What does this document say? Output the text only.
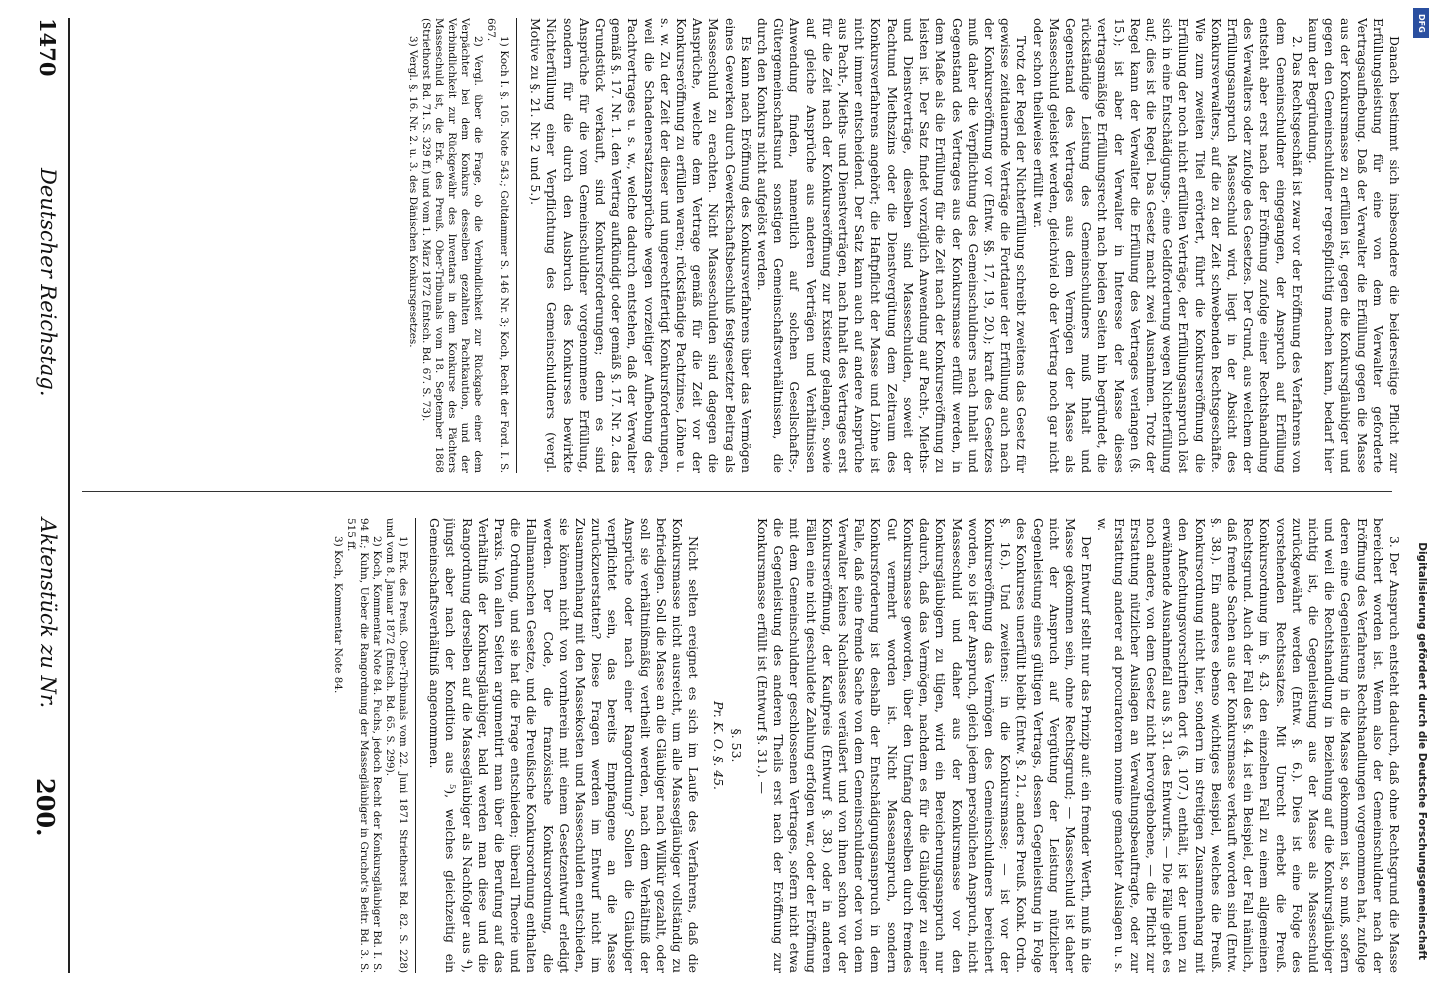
Danach bestimmt sich insbesondere die beiderseitige Pflicht zur Erfüllungsleistung für eine von dem Verwalter geforderte Vertragsaufhebung. Daß der Verwalter die Erfüllung gegen die Masse aus der Konkursmasse zu erfüllen ist, gegen die Konkursgläubiger und gegen den Gemeinschuldner regreßpflichtig machen kann, bedarf hier kaum der Begründung.

2. Das Rechtsgeschäft ist zwar vor der Eröffnung des Verfahrens von dem Gemeinschuldner eingegangen, der Anspruch auf Erfüllung entsteht aber erst nach der Eröffnung zufolge einer Rechtshandlung des Verwalters oder zufolge des Gesetzes. Der Grund, aus welchem der Erfüllungsanspruch Masseschuld wird, liegt in der Absicht des Konkursverwalters, auf die zu der Zeit schwebenden Rechtsgeschäfte. Wie zum zweiten Titel erörtert, führt die Konkurseröffnung die Erfüllung der noch nicht erfüllten Verträge, der Erfüllungsanspruch löst sich in eine Entschädigungs-, eine Geldforderung wegen Nichterfüllung auf; dies ist die Regel. Das Gesetz macht zwei Ausnahmen. Trotz der Regel kann der Verwalter die Erfüllung des Vertrages verlangen (§. 15.); ist aber der Verwalter in Interesse der Masse dieses vertragsmäßige Erfüllungsrecht nach beiden Seiten hin begründet, die rückständige Leistung des Gemeinschuldners muß Inhalt und Gegenstand des Vertrages aus dem Vermögen der Masse als Masseschuld geleistet werden, gleichviel ob der Vertrag noch gar nicht oder schon theilweise erfüllt war.

Trotz der Regel der Nichterfüllung schreibt zweitens das Gesetz für gewisse zeitdauernde Verträge die Fortdauer der Erfüllung auch nach der Konkurseröffnung vor (Entw. §§. 17, 19, 20.); kraft des Gesetzes muß daher die Verpflichtung des Gemeinschuldners nach Inhalt und Gegenstand des Vertrages aus der Konkursmasse erfüllt werden, in dem Maße als die Erfüllung für die Zeit nach der Konkurseröffnung zu leisten ist. Der Satz findet vorzüglich Anwendung auf Pacht-, Mieths- und Dienstverträge, dieselben sind Masseschulden, soweit der Pachtund Miethszins oder die Dienstvergütung dem Zeitraum des Konkursverfahrens angehört; die Haftpflicht der Masse und Löhne ist nicht immer entscheidend. Der Satz kann auch auf andere Ansprüche aus Pacht-, Mieths- und Dienstverträgen, nach Inhalt des Vertrages erst für die Zeit nach der Konkurseröffnung zur Existenz gelangen, sowie auf gleiche Ansprüche aus anderen Verträgen und Verhältnissen Anwendung finden, namentlich auf solchen Gesellschafts-, Gütergemeinschaftsund sonstigen Gemeinschaftsverhältnissen, die durch den Konkurs nicht aufgelöst werden.

Es kann nach Eröffnung des Konkursverfahrens über das Vermögen eines Gewerken durch Gewerkschaftsbeschluß festgesetzter Beitrag als Masseschuld zu erachten. Nicht Masseschulden sind dagegen die Ansprüche, welche dem Vertrage gemäß für die Zeit vor der Konkurseröffnung zu erfüllen waren; rückständige Pachtzinse, Löhne u. s. w. Zu der Zeit der dieser und ungerechtfertigt Konkursforderungen, weil die Schadenersatzansprüche wegen vorzeitiger Aufhebung des Pachtvertrages u. s. w., welche dadurch entstehen, daß der Verwalter gemäß §. 17. Nr. 1. den Vertrag aufkündigt oder gemäß §. 17. Nr. 2. das Grundstück verkauft, sind Konkursforderungen; denn es sind Ansprüche für die vom Gemeinschuldner vorgenommene Erfüllung, sondern für die durch den Ausbruch des Konkurses bewirkte Nichterfüllung einer Verpflichtung des Gemeinschuldners (vergl. Motive zu §. 21. Nr. 2 und 5.).

1) Koch I. §. 105. Note 543.; Goltdammer S. 146 Nr. 3; Koch, Recht der Ford. I. S. 667.

2) Vergl. über die Frage, ob die Verbindlichkeit zur Rückgabe einer dem Verpächter bei dem Konkurs desselben gezahlten Pachtkaution, und der Verbindlichkeit zur Rückgewähr des Inventars in dem Konkurse des Pächters Masseschuld ist, die Erk. des Preuß. Ober-Tribunals vom 18. September 1868 (Striethorst Bd. 71. S. 329 ff.) und vom 1. März 1872 (Entsch. Bd. 67. S. 73).

3) Vergl. §. 16. Nr. 2. u. 3. des Dänischen Konkursgesetzes.

3. Der Anspruch entsteht dadurch, daß ohne Rechtsgrund die Masse bereichert worden ist. Wenn also der Gemeinschuldner nach der Eröffnung des Verfahrens Rechtshandlungen vorgenommen hat, zufolge deren eine Gegenleistung in die Masse gekommen ist, so muß, sofern und weil die Rechtshandlung in Beziehung auf die Konkursgläubiger nichtig ist, die Gegenleistung aus der Masse als Masseschuld zurückgewährt werden (Entw. §. 6.). Dies ist eine Folge des vorstehenden Rechtssatzes. Mit Unrecht erhebt die Preuß. Konkursordnung im §. 43. den einzelnen Fall zu einem allgemeinen Rechtsgrund. Auch der Fall des §. 44. ist ein Beispiel, der Fall nämlich, daß fremde Sachen aus der Konkursmasse verkauft worden sind (Entw. §. 38.). Ein anderes ebenso wichtiges Beispiel, welches die Preuß. Konkursordnung nicht hier, sondern im streitigen Zusammenhang mit den Anfechtungsvorschriften dort (§. 107.) enthält, ist der unten zu erwähnende Ausnahmefall aus §. 31. des Entwurfs. — Die Fälle giebt es noch andere, von dem Gesetz nicht hervorgehobene, — die Pflicht zur Erstattung nützlicher Auslagen an Verwaltungsbeauftragte, oder zur Erstattung anderer ad procuratorem nomine gemachter Auslagen u. s. w.

Der Entwurf stellt nur das Prinzip auf: ein fremder Werth, muß in die Masse gekommen sein, ohne Rechtsgrund; — Masseschuld ist daher nicht der Anspruch auf Vergütung der Leistung nützlicher Gegenleistung eines gültigen Vertrags, dessen Gegenleistung in Folge des Konkurses unerfüllt bleibt (Entw. §. 21., anders Preuß. Konk. Ordn. §. 16.). Und zweitens: in die Konkursmasse; — ist vor der Konkurseröffnung das Vermögen des Gemeinschuldners bereichert worden, so ist der Anspruch, gleich jedem persönlichen Anspruch, nicht Masseschuld und daher aus der Konkursmasse vor den Konkursgläubigern zu tilgen, wird ein Bereicherungsanspruch nur dadurch, daß das Vermögen, nachdem es für die Gläubiger zu einer Konkursmasse geworden, über den Umfang derselben durch fremdes Gut vermehrt worden ist. Nicht Masseanspruch, sondern Konkursforderung ist deshalb der Entschädigungsanspruch in dem Falle, daß eine fremde Sache von dem Gemeinschuldner oder von dem Verwalter keines Nachlasses veräußert und von ihnen schon vor der Konkurseröffnung, der Kaufpreis (Entwurf §. 38.) oder in anderen Fällen eine nicht geschuldete Zahlung erfolgen war, oder der Eröffnung mit dem Gemeinschuldner geschlossenen Vertrages, sofern nicht etwa die Gegenleistung des anderen Theils erst nach der Eröffnung zur Konkursmasse erfüllt ist (Entwurf §. 31.). —

§. 53.
Pr. K. O. §. 45.

Nicht selten ereignet es sich im Laufe des Verfahrens, daß die Konkursmasse nicht ausreicht, um alle Massegläubiger vollständig zu befriedigen. Soll die Masse an die Gläubiger nach Willkür gezahlt, oder soll sie verhältnißmäßig vertheilt werden, nach dem Verhältniß der Ansprüche oder nach einer Rangordnung? Sollen die Gläubiger verpflichtet sein, das bereits Empfangene an die Masse zurückzuerstatten? Diese Fragen werden im Entwurf nicht im Zusammenhang mit den Massekosten und Masseschulden entschieden, sie können nicht von vornherein mit einem Gesetzentwurf erledigt werden. Der Code, die französische Konkursordnung, die Hallmannschen Gesetze, und die Preußische Konkursordnung enthalten die Ordnung, und sie hat die Frage entschieden; überall Theorie und Praxis. Von allen Seiten argumentirt man über die Berufung auf das Verhältniß der Konkursgläubiger, bald werden man diese und die Rangordnung derselben auf die Massegläubiger als Nachfolger aus ⁴), jüngst aber nach der Kondition aus ⁵), welches gleichzeitig ein Gemeinschaftsverhältniß angenommen.

1) Erk. des Preuß. Ober-Tribunals vom 22. Juni 1871 Striethorst Bd. 82. S. 228) und vom 8. Januar 1872 (Entsch. Bd. 65. S. 299).

2) Koch, Kommentar Note 84. Fuchs, jedoch Recht der Konkursgläubiger Bd. I. S. 94 ff.; Kuhn, Ueber die Rangordnung der Massegläubiger in Gruchot's Beitr. Bd. 3. S. 515 ff.

3) Koch, Kommentar Note 84.

1470
Deutscher Reichstag.
Aktenstück zu Nr.
200.	Digitalisierung gefördert durch die Deutsche Forschungsgemeinschaft
DFG
